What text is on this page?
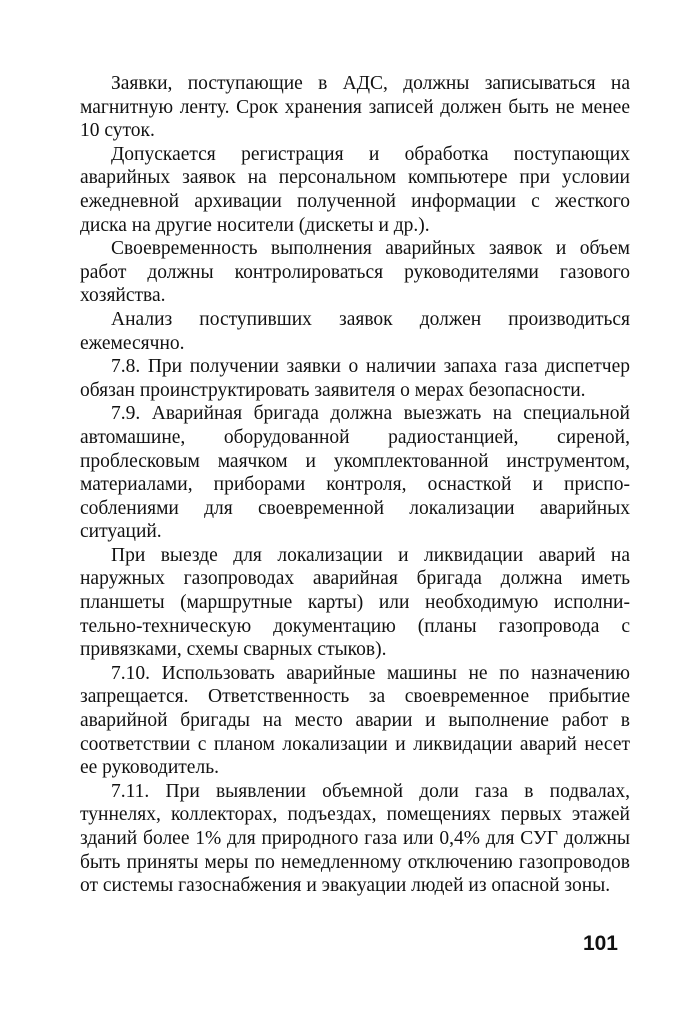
Заявки, поступающие в АДС, должны записываться на магнитную ленту. Срок хранения записей должен быть не менее 10 суток.

Допускается регистрация и обработка поступающих аварийных заявок на персональном компьютере при условии ежедневной архивации полученной информации с жесткого диска на другие носители (дискеты и др.).

Своевременность выполнения аварийных заявок и объем работ должны контролироваться руководителями газового хозяйства.

Анализ поступивших заявок должен производиться ежемесячно.

7.8. При получении заявки о наличии запаха газа диспетчер обязан проинструктировать заявителя о мерах безопасности.

7.9. Аварийная бригада должна выезжать на специальной автомашине, оборудованной радиостанцией, сиреной, проблесковым маячком и укомплектованной инструментом, материалами, приборами контроля, оснасткой и приспособлениями для своевременной локализации аварийных ситуаций.

При выезде для локализации и ликвидации аварий на наружных газопроводах аварийная бригада должна иметь планшеты (маршрутные карты) или необходимую исполнительно-техническую документацию (планы газопровода с привязками, схемы сварных стыков).

7.10. Использовать аварийные машины не по назначению запрещается. Ответственность за своевременное прибытие аварийной бригады на место аварии и выполнение работ в соответствии с планом локализации и ликвидации аварий несет ее руководитель.

7.11. При выявлении объемной доли газа в подвалах, туннелях, коллекторах, подъездах, помещениях первых этажей зданий более 1% для природного газа или 0,4% для СУГ должны быть приняты меры по немедленному отключению газопроводов от системы газоснабжения и эвакуации людей из опасной зоны.

101
